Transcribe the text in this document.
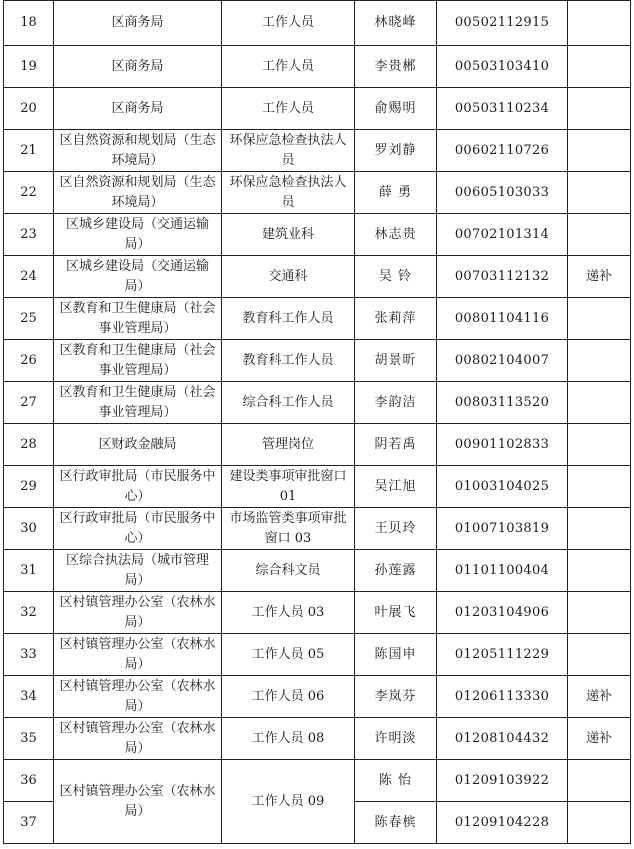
18	区商务局	工作人员	林晓峰	00502112915	
19	区商务局	工作人员	李贵郴	00503103410	
20	区商务局	工作人员	俞赐明	00503110234	
21	区自然资源和规划局（生态环境局）	环保应急检查执法人员	罗刘静	00602110726	
22	区自然资源和规划局（生态环境局）	环保应急检查执法人员	薛 勇	00605103033	
23	区城乡建设局（交通运输局）	建筑业科	林志贵	00702101314	
24	区城乡建设局（交通运输局）	交通科	吴 铃	00703112132	递补
25	区教育和卫生健康局（社会事业管理局）	教育科工作人员	张莉萍	00801104116	
26	区教育和卫生健康局（社会事业管理局）	教育科工作人员	胡景昕	00802104007	
27	区教育和卫生健康局（社会事业管理局）	综合科工作人员	李韵洁	00803113520	
28	区财政金融局	管理岗位	阴若禹	00901102833	
29	区行政审批局（市民服务中心）	建设类事项审批窗口 01	吴江旭	01003104025	
30	区行政审批局（市民服务中心）	市场监管类事项审批窗口 03	王贝玲	01007103819	
31	区综合执法局（城市管理局）	综合科文员	孙莲露	01101100404	
32	区村镇管理办公室（农林水局）	工作人员 03	叶展飞	01203104906	
33	区村镇管理办公室（农林水局）	工作人员 05	陈国申	01205111229	
34	区村镇管理办公室（农林水局）	工作人员 06	李岚芬	01206113330	递补
35	区村镇管理办公室（农林水局）	工作人员 08	许明淡	01208104432	递补
36	区村镇管理办公室（农林水局）	工作人员 09	陈 怡	01209103922	
37			陈春槟	01209104228	
